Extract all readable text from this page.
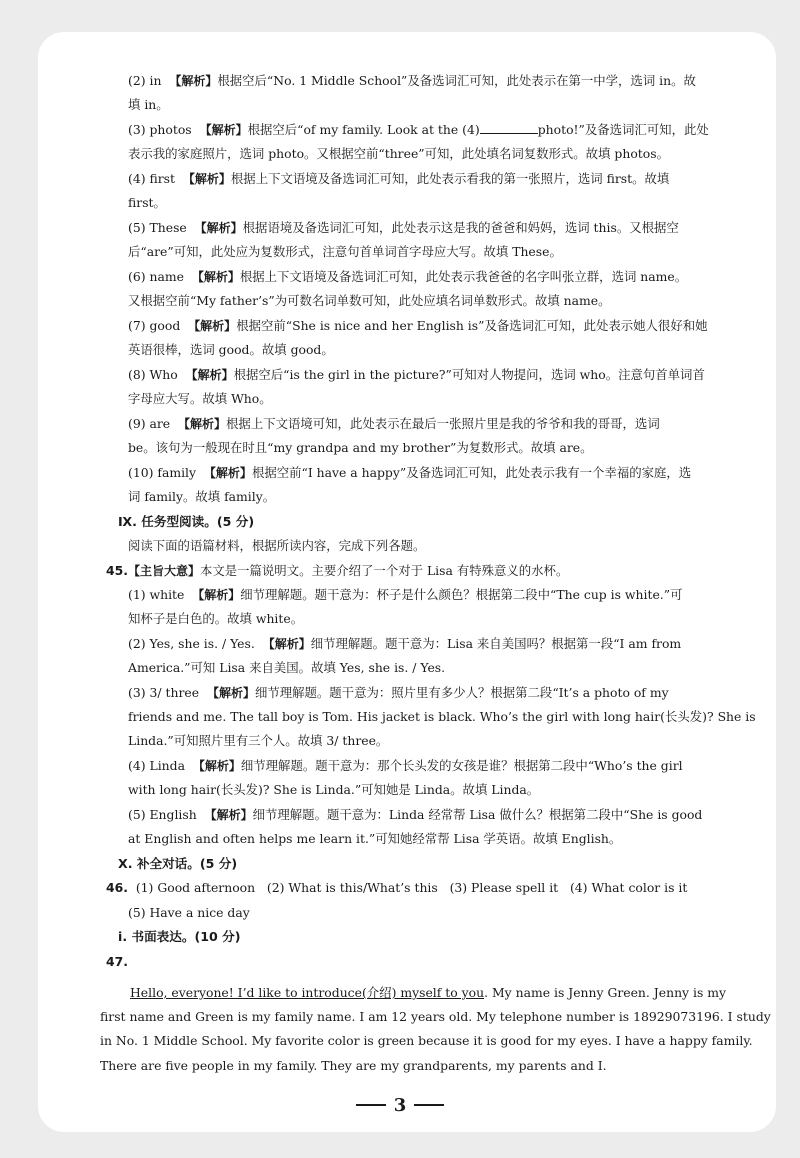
(2) in 【解析】根据空后“No. 1 Middle School”及备选词汇可知，此处表示在第一中学，选词 in。故
填 in。
(3) photos 【解析】根据空后“of my family. Look at the (4)	photo!”及备选词汇可知，此处
表示我的家庭照片，选词 photo。又根据空前“three”可知，此处填名词复数形式。故填 photos。
(4) first 【解析】根据上下文语境及备选词汇可知，此处表示看我的第一张照片，选词 first。故填
first。
(5) These 【解析】根据语境及备选词汇可知，此处表示这是我的爸爸和妈妈，选词 this。又根据空
后“are”可知，此处应为复数形式，注意句首单词首字母应大写。故填 These。
(6) name 【解析】根据上下文语境及备选词汇可知，此处表示我爸爸的名字叫张立群，选词 name。
又根据空前“My father’s”为可数名词单数可知，此处应填名词单数形式。故填 name。
(7) good 【解析】根据空前“She is nice and her English is”及备选词汇可知，此处表示她人很好和她
英语很棒，选词 good。故填 good。
(8) Who 【解析】根据空后“is the girl in the picture?”可知对人物提问，选词 who。注意句首单词首
字母应大写。故填 Who。
(9) are 【解析】根据上下文语境可知，此处表示在最后一张照片里是我的爷爷和我的哥哥，选词
be。该句为一般现在时且“my grandpa and my brother”为复数形式。故填 are。
(10) family 【解析】根据空前“I have a happy”及备选词汇可知，此处表示我有一个幸福的家庭，选
词 family。故填 family。
Ⅸ. 任务型阅读。(5 分)
阅读下面的语篇材料，根据所读内容，完成下列各题。
45.【主旨大意】本文是一篇说明文。主要介绍了一个对于 Lisa 有特殊意义的水杯。
(1) white 【解析】细节理解题。题干意为：杯子是什么颜色？根据第二段中“The cup is white.”可
知杯子是白色的。故填 white。
(2) Yes, she is. / Yes. 【解析】细节理解题。题干意为：Lisa 来自美国吗？根据第一段“I am from
America.”可知 Lisa 来自美国。故填 Yes, she is. / Yes.
(3) 3/ three 【解析】细节理解题。题干意为：照片里有多少人？根据第二段“It’s a photo of my
friends and me. The tall boy is Tom. His jacket is black. Who’s the girl with long hair(长头发)? She is
Linda.”可知照片里有三个人。故填 3/ three。
(4) Linda 【解析】细节理解题。题干意为：那个长头发的女孩是谁？根据第二段中“Who’s the girl
with long hair(长头发)? She is Linda.”可知她是 Linda。故填 Linda。
(5) English 【解析】细节理解题。题干意为：Linda 经常帮 Lisa 做什么？根据第二段中“She is good
at English and often helps me learn it.”可知她经常帮 Lisa 学英语。故填 English。
Ⅹ. 补全对话。(5 分)
46. (1) Good afternoon   (2) What is this/What’s this   (3) Please spell it   (4) What color is it
(5) Have a nice day
ⅰ. 书面表达。(10 分)
47.
Hello, everyone! I’d like to introduce(介绍) myself to you. My name is Jenny Green. Jenny is my
first name and Green is my family name. I am 12 years old. My telephone number is 18929073196. I study
in No. 1 Middle School. My favorite color is green because it is good for my eyes. I have a happy family.
There are five people in my family. They are my grandparents, my parents and I.
3
